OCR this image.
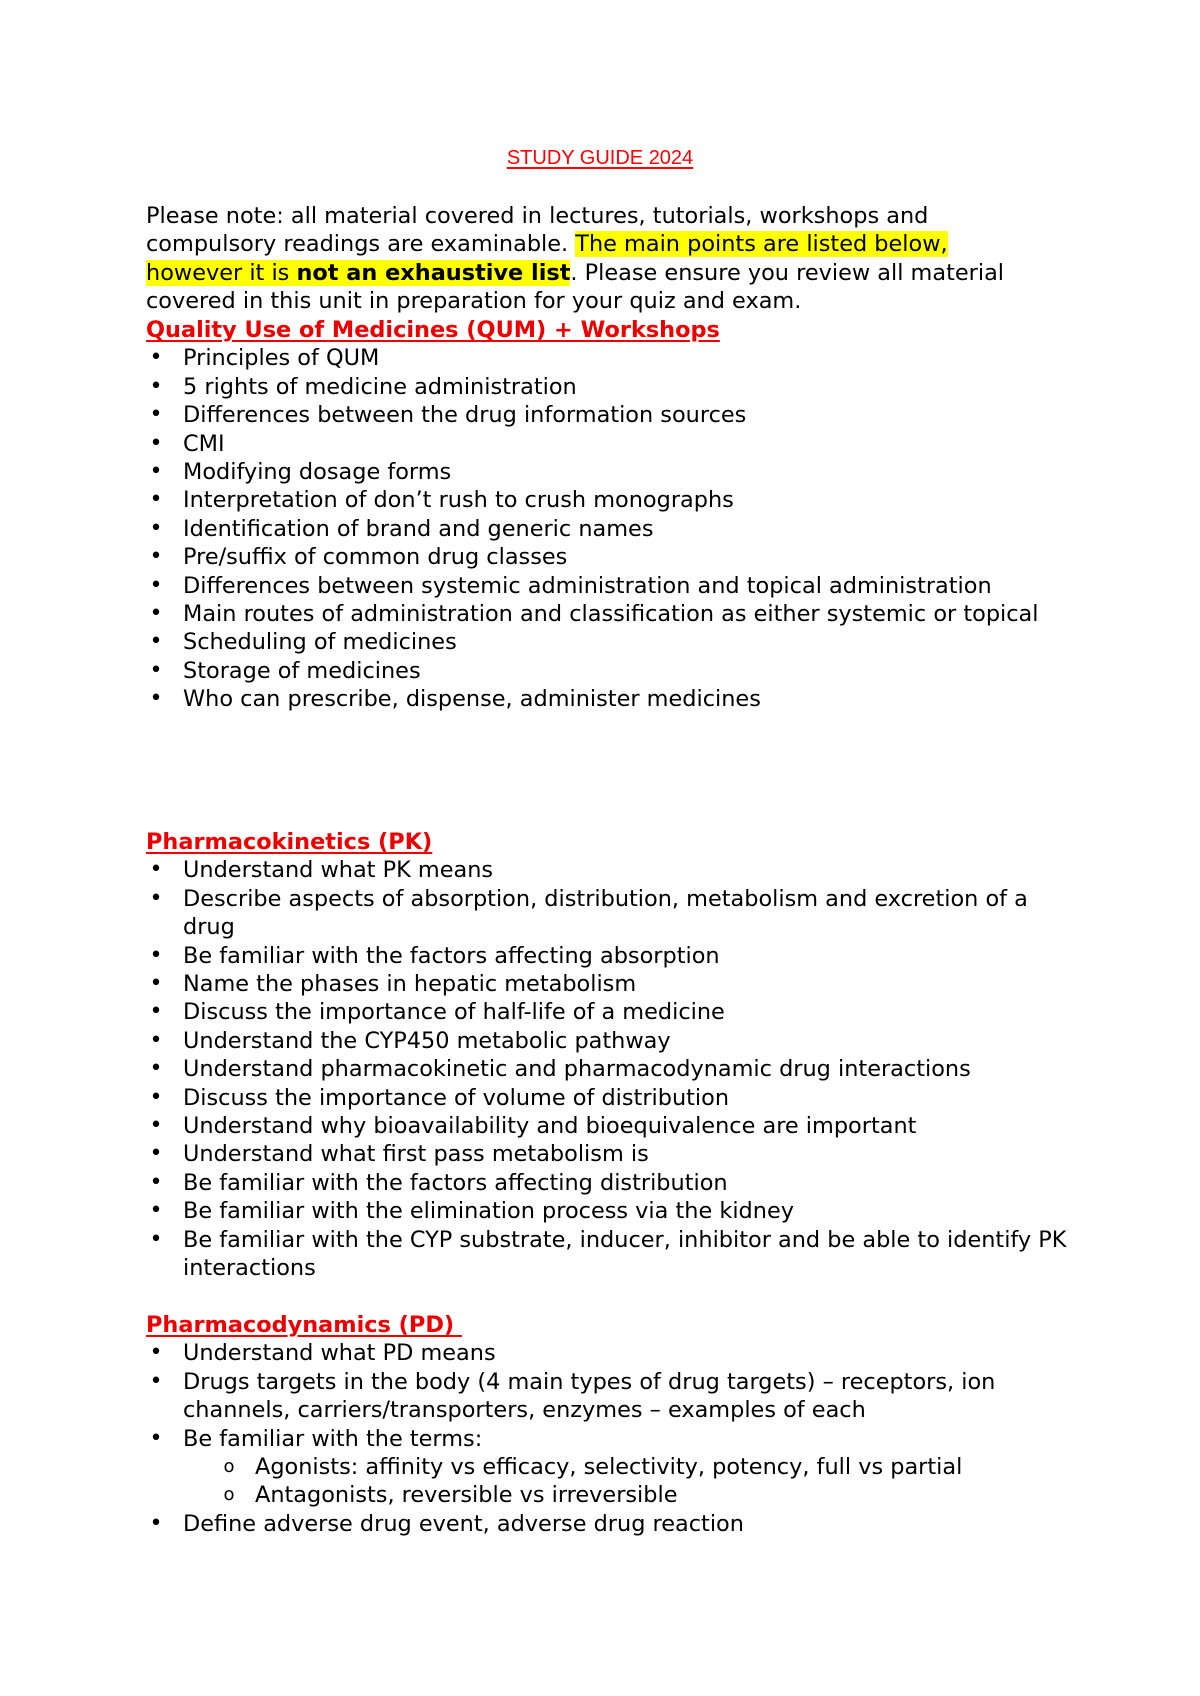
STUDY GUIDE 2024

Please note: all material covered in lectures, tutorials, workshops and compulsory readings are examinable. The main points are listed below, however it is not an exhaustive list. Please ensure you review all material covered in this unit in preparation for your quiz and exam.

Quality Use of Medicines (QUM) + Workshops
• Principles of QUM
• 5 rights of medicine administration
• Differences between the drug information sources
• CMI
• Modifying dosage forms
• Interpretation of don’t rush to crush monographs
• Identification of brand and generic names
• Pre/suffix of common drug classes
• Differences between systemic administration and topical administration
• Main routes of administration and classification as either systemic or topical
• Scheduling of medicines
• Storage of medicines
• Who can prescribe, dispense, administer medicines
Pharmacokinetics (PK)
• Understand what PK means
• Describe aspects of absorption, distribution, metabolism and excretion of a drug
• Be familiar with the factors affecting absorption
• Name the phases in hepatic metabolism
• Discuss the importance of half-life of a medicine
• Understand the CYP450 metabolic pathway
• Understand pharmacokinetic and pharmacodynamic drug interactions
• Discuss the importance of volume of distribution
• Understand why bioavailability and bioequivalence are important
• Understand what first pass metabolism is
• Be familiar with the factors affecting distribution
• Be familiar with the elimination process via the kidney
• Be familiar with the CYP substrate, inducer, inhibitor and be able to identify PK interactions
Pharmacodynamics (PD)
• Understand what PD means
• Drugs targets in the body (4 main types of drug targets) – receptors, ion channels, carriers/transporters, enzymes – examples of each
• Be familiar with the terms:
o Agonists: affinity vs efficacy, selectivity, potency, full vs partial
o Antagonists, reversible vs irreversible
• Define adverse drug event, adverse drug reaction
